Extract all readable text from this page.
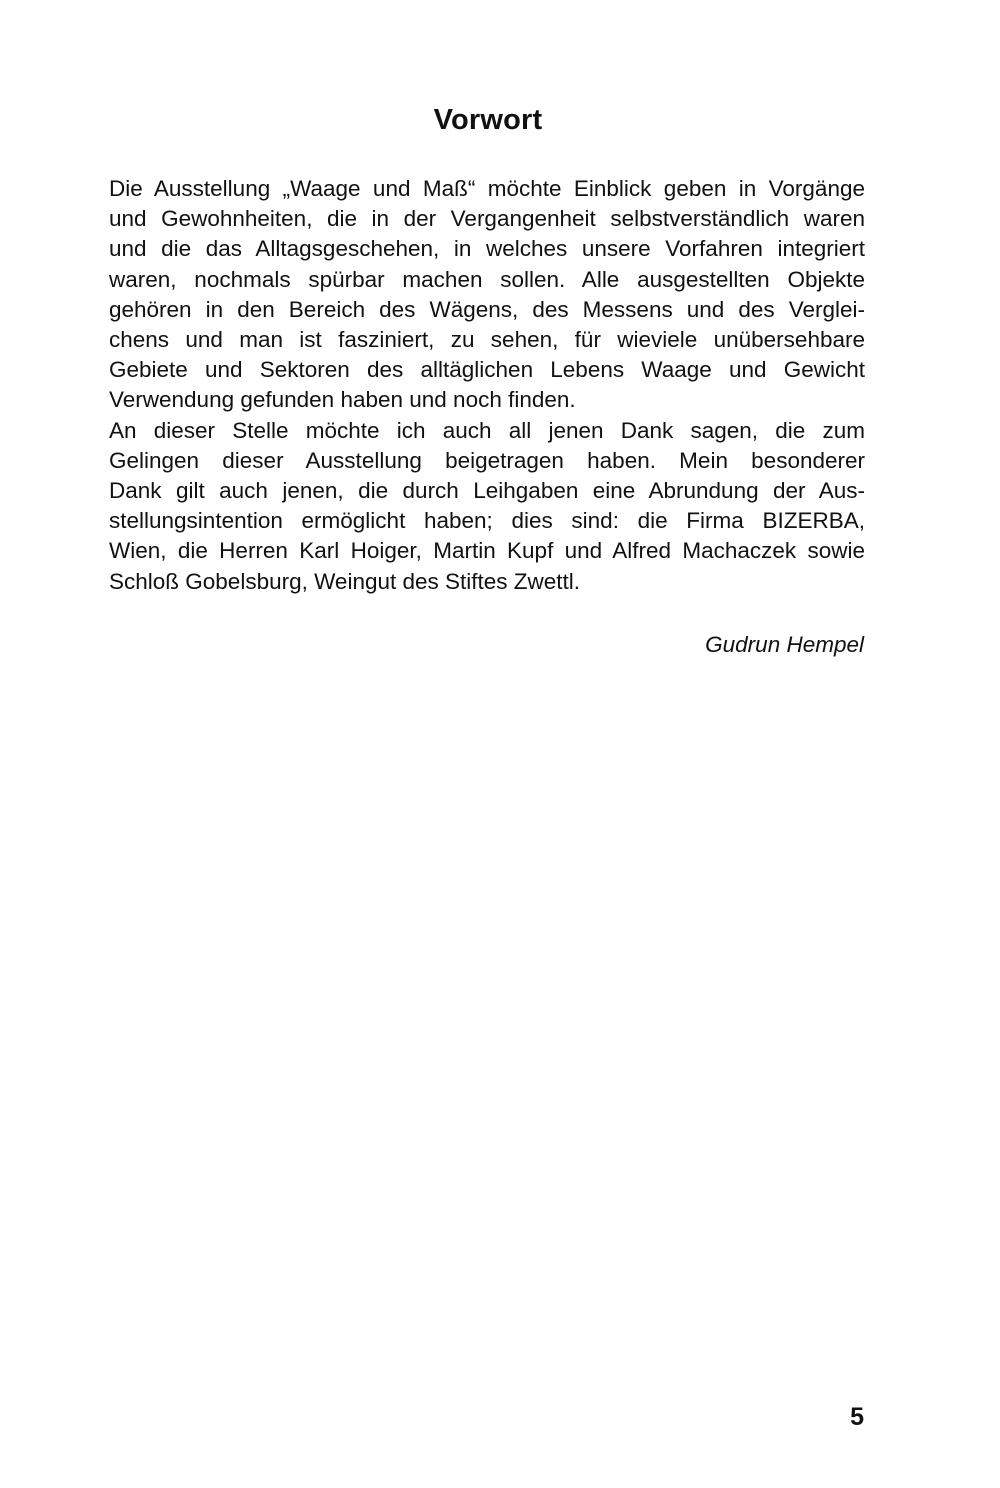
Vorwort
Die Ausstellung „Waage und Maß“ möchte Einblick geben in Vorgänge
und Gewohnheiten, die in der Vergangenheit selbstverständlich waren
und die das Alltagsgeschehen, in welches unsere Vorfahren integriert
waren, nochmals spürbar machen sollen. Alle ausgestellten Objekte
gehören in den Bereich des Wägens, des Messens und des Verglei-
chens und man ist fasziniert, zu sehen, für wieviele unübersehbare
Gebiete und Sektoren des alltäglichen Lebens Waage und Gewicht
Verwendung gefunden haben und noch finden.
An dieser Stelle möchte ich auch all jenen Dank sagen, die zum
Gelingen dieser Ausstellung beigetragen haben. Mein besonderer
Dank gilt auch jenen, die durch Leihgaben eine Abrundung der Aus-
stellungsintention ermöglicht haben; dies sind: die Firma BIZERBA,
Wien, die Herren Karl Hoiger, Martin Kupf und Alfred Machaczek sowie
Schloß Gobelsburg, Weingut des Stiftes Zwettl.
Gudrun Hempel
5
